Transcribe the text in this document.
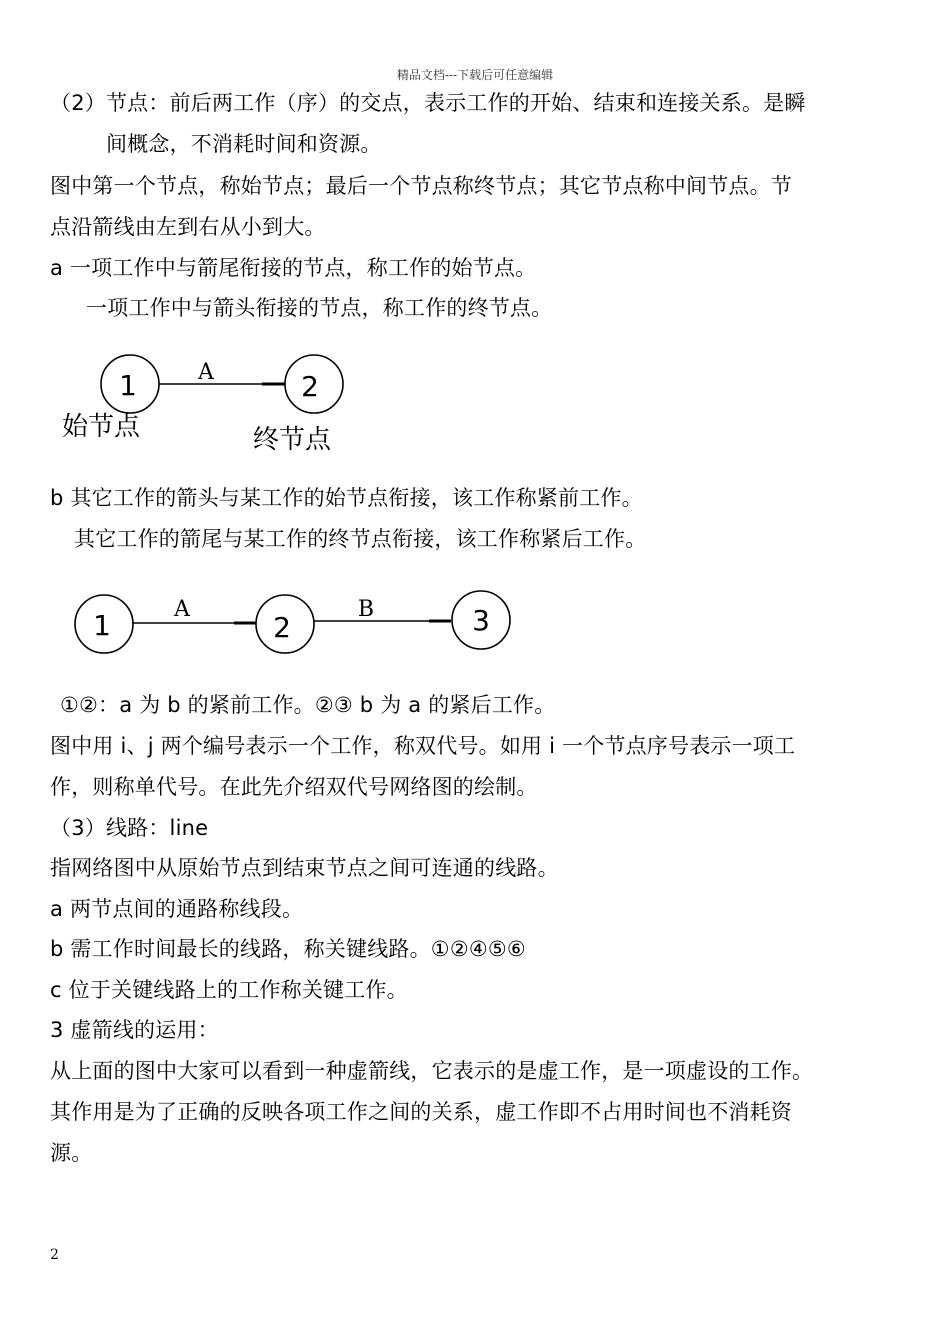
精品文档---下载后可任意编辑
（2）节点：前后两工作（序）的交点，表示工作的开始、结束和连接关系。是瞬
间概念，不消耗时间和资源。
图中第一个节点，称始节点；最后一个节点称终节点；其它节点称中间节点。节
点沿箭线由左到右从小到大。
a 一项工作中与箭尾衔接的节点，称工作的始节点。
一项工作中与箭头衔接的节点，称工作的终节点。
1	A	2
始节点	终节点
b 其它工作的箭头与某工作的始节点衔接，该工作称紧前工作。
其它工作的箭尾与某工作的终节点衔接，该工作称紧后工作。
1	A
2
B	3
①②：a 为 b 的紧前工作。②③ b 为 a 的紧后工作。
图中用 i、j 两个编号表示一个工作，称双代号。如用 i 一个节点序号表示一项工
作，则称单代号。在此先介绍双代号网络图的绘制。
（3）线路：line
指网络图中从原始节点到结束节点之间可连通的线路。
a 两节点间的通路称线段。
b 需工作时间最长的线路，称关键线路。①②④⑤⑥
c 位于关键线路上的工作称关键工作。
3 虚箭线的运用：
从上面的图中大家可以看到一种虚箭线，它表示的是虚工作，是一项虚设的工作。
其作用是为了正确的反映各项工作之间的关系，虚工作即不占用时间也不消耗资
源。
2
